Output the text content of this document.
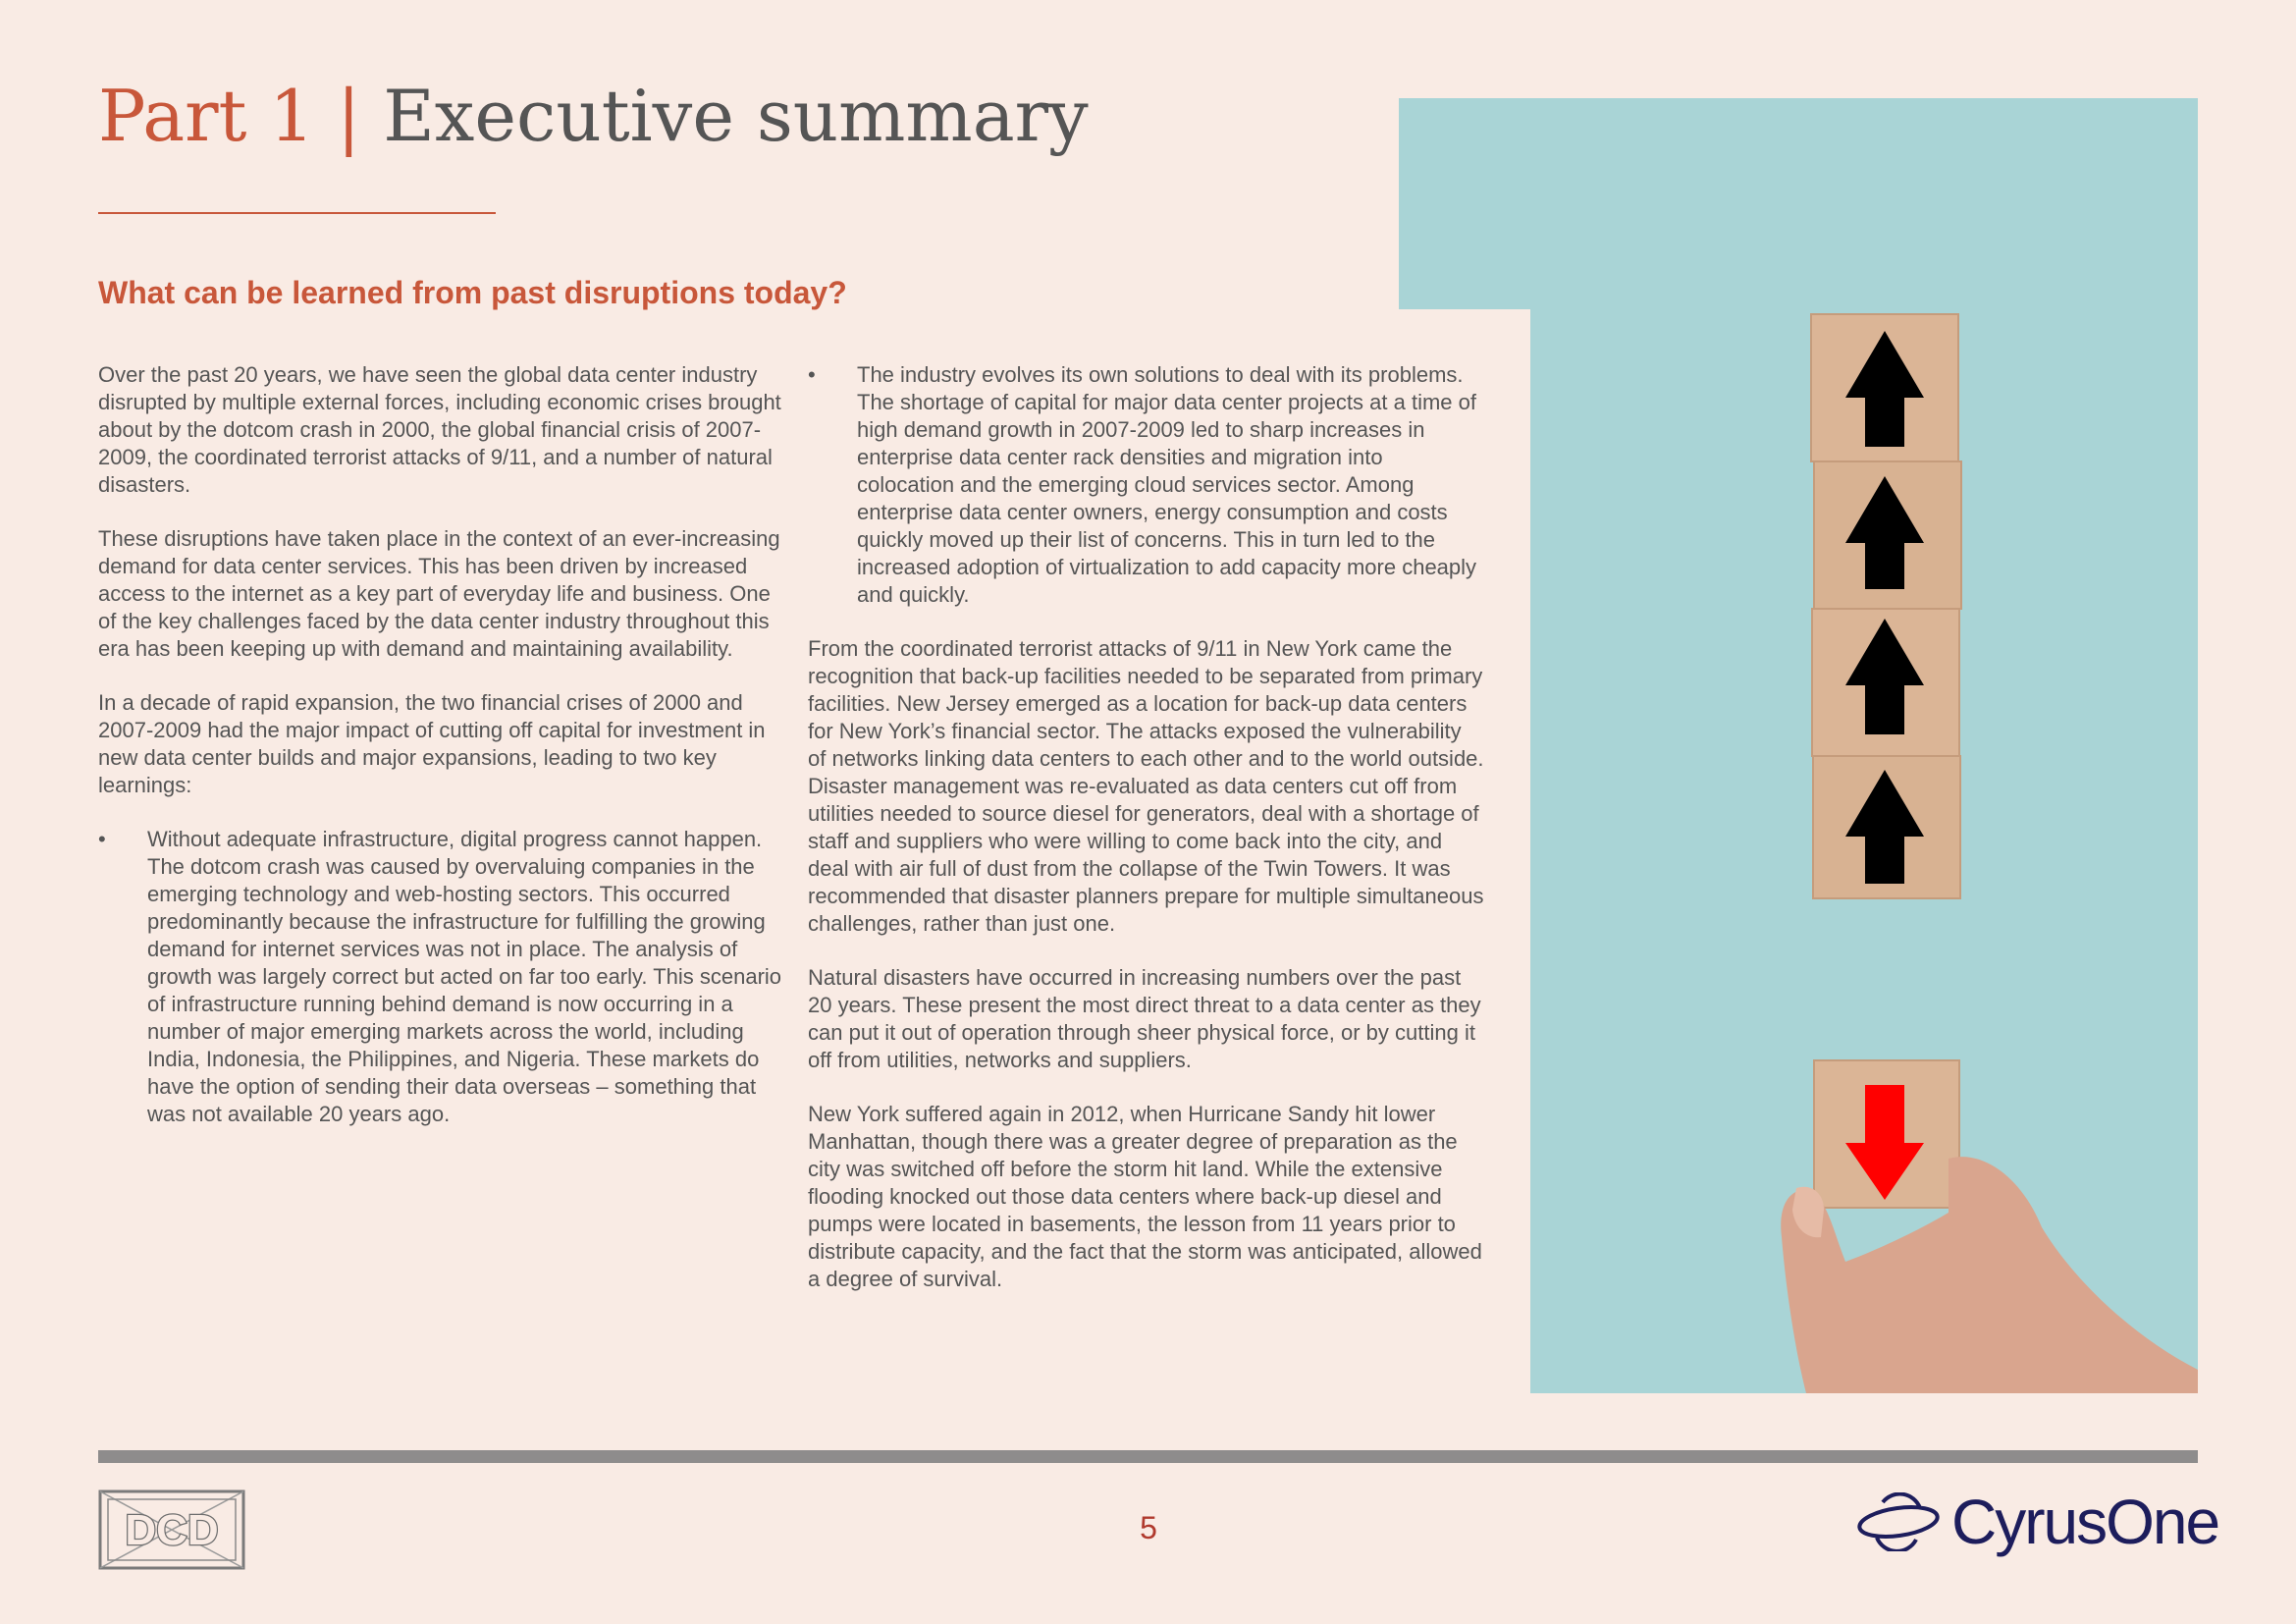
Part 1 | Executive summary
What can be learned from past disruptions today?

Over the past 20 years, we have seen the global data center industry disrupted by multiple external forces, including economic crises brought about by the dotcom crash in 2000, the global financial crisis of 2007-2009, the coordinated terrorist attacks of 9/11, and a number of natural disasters.

These disruptions have taken place in the context of an ever-increasing demand for data center services. This has been driven by increased access to the internet as a key part of everyday life and business. One of the key challenges faced by the data center industry throughout this era has been keeping up with demand and maintaining availability.

In a decade of rapid expansion, the two financial crises of 2000 and 2007-2009 had the major impact of cutting off capital for investment in new data center builds and major expansions, leading to two key learnings:

• Without adequate infrastructure, digital progress cannot happen. The dotcom crash was caused by overvaluing companies in the emerging technology and web-hosting sectors. This occurred predominantly because the infrastructure for fulfilling the growing demand for internet services was not in place. The analysis of growth was largely correct but acted on far too early. This scenario of infrastructure running behind demand is now occurring in a number of major emerging markets across the world, including India, Indonesia, the Philippines, and Nigeria. These markets do have the option of sending their data overseas – something that was not available 20 years ago.
• The industry evolves its own solutions to deal with its problems. The shortage of capital for major data center projects at a time of high demand growth in 2007-2009 led to sharp increases in enterprise data center rack densities and migration into colocation and the emerging cloud services sector. Among enterprise data center owners, energy consumption and costs quickly moved up their list of concerns. This in turn led to the increased adoption of virtualization to add capacity more cheaply and quickly.

From the coordinated terrorist attacks of 9/11 in New York came the recognition that back-up facilities needed to be separated from primary facilities. New Jersey emerged as a location for back-up data centers for New York’s financial sector. The attacks exposed the vulnerability of networks linking data centers to each other and to the world outside. Disaster management was re-evaluated as data centers cut off from utilities needed to source diesel for generators, deal with a shortage of staff and suppliers who were willing to come back into the city, and deal with air full of dust from the collapse of the Twin Towers. It was recommended that disaster planners prepare for multiple simultaneous challenges, rather than just one.

Natural disasters have occurred in increasing numbers over the past 20 years. These present the most direct threat to a data center as they can put it out of operation through sheer physical force, or by cutting it off from utilities, networks and suppliers.

New York suffered again in 2012, when Hurricane Sandy hit lower Manhattan, though there was a greater degree of preparation as the city was switched off before the storm hit land. While the extensive flooding knocked out those data centers where back-up diesel and pumps were located in basements, the lesson from 11 years prior to distribute capacity, and the fact that the storm was anticipated, allowed a degree of survival.

DCD	5	CyrusOne
